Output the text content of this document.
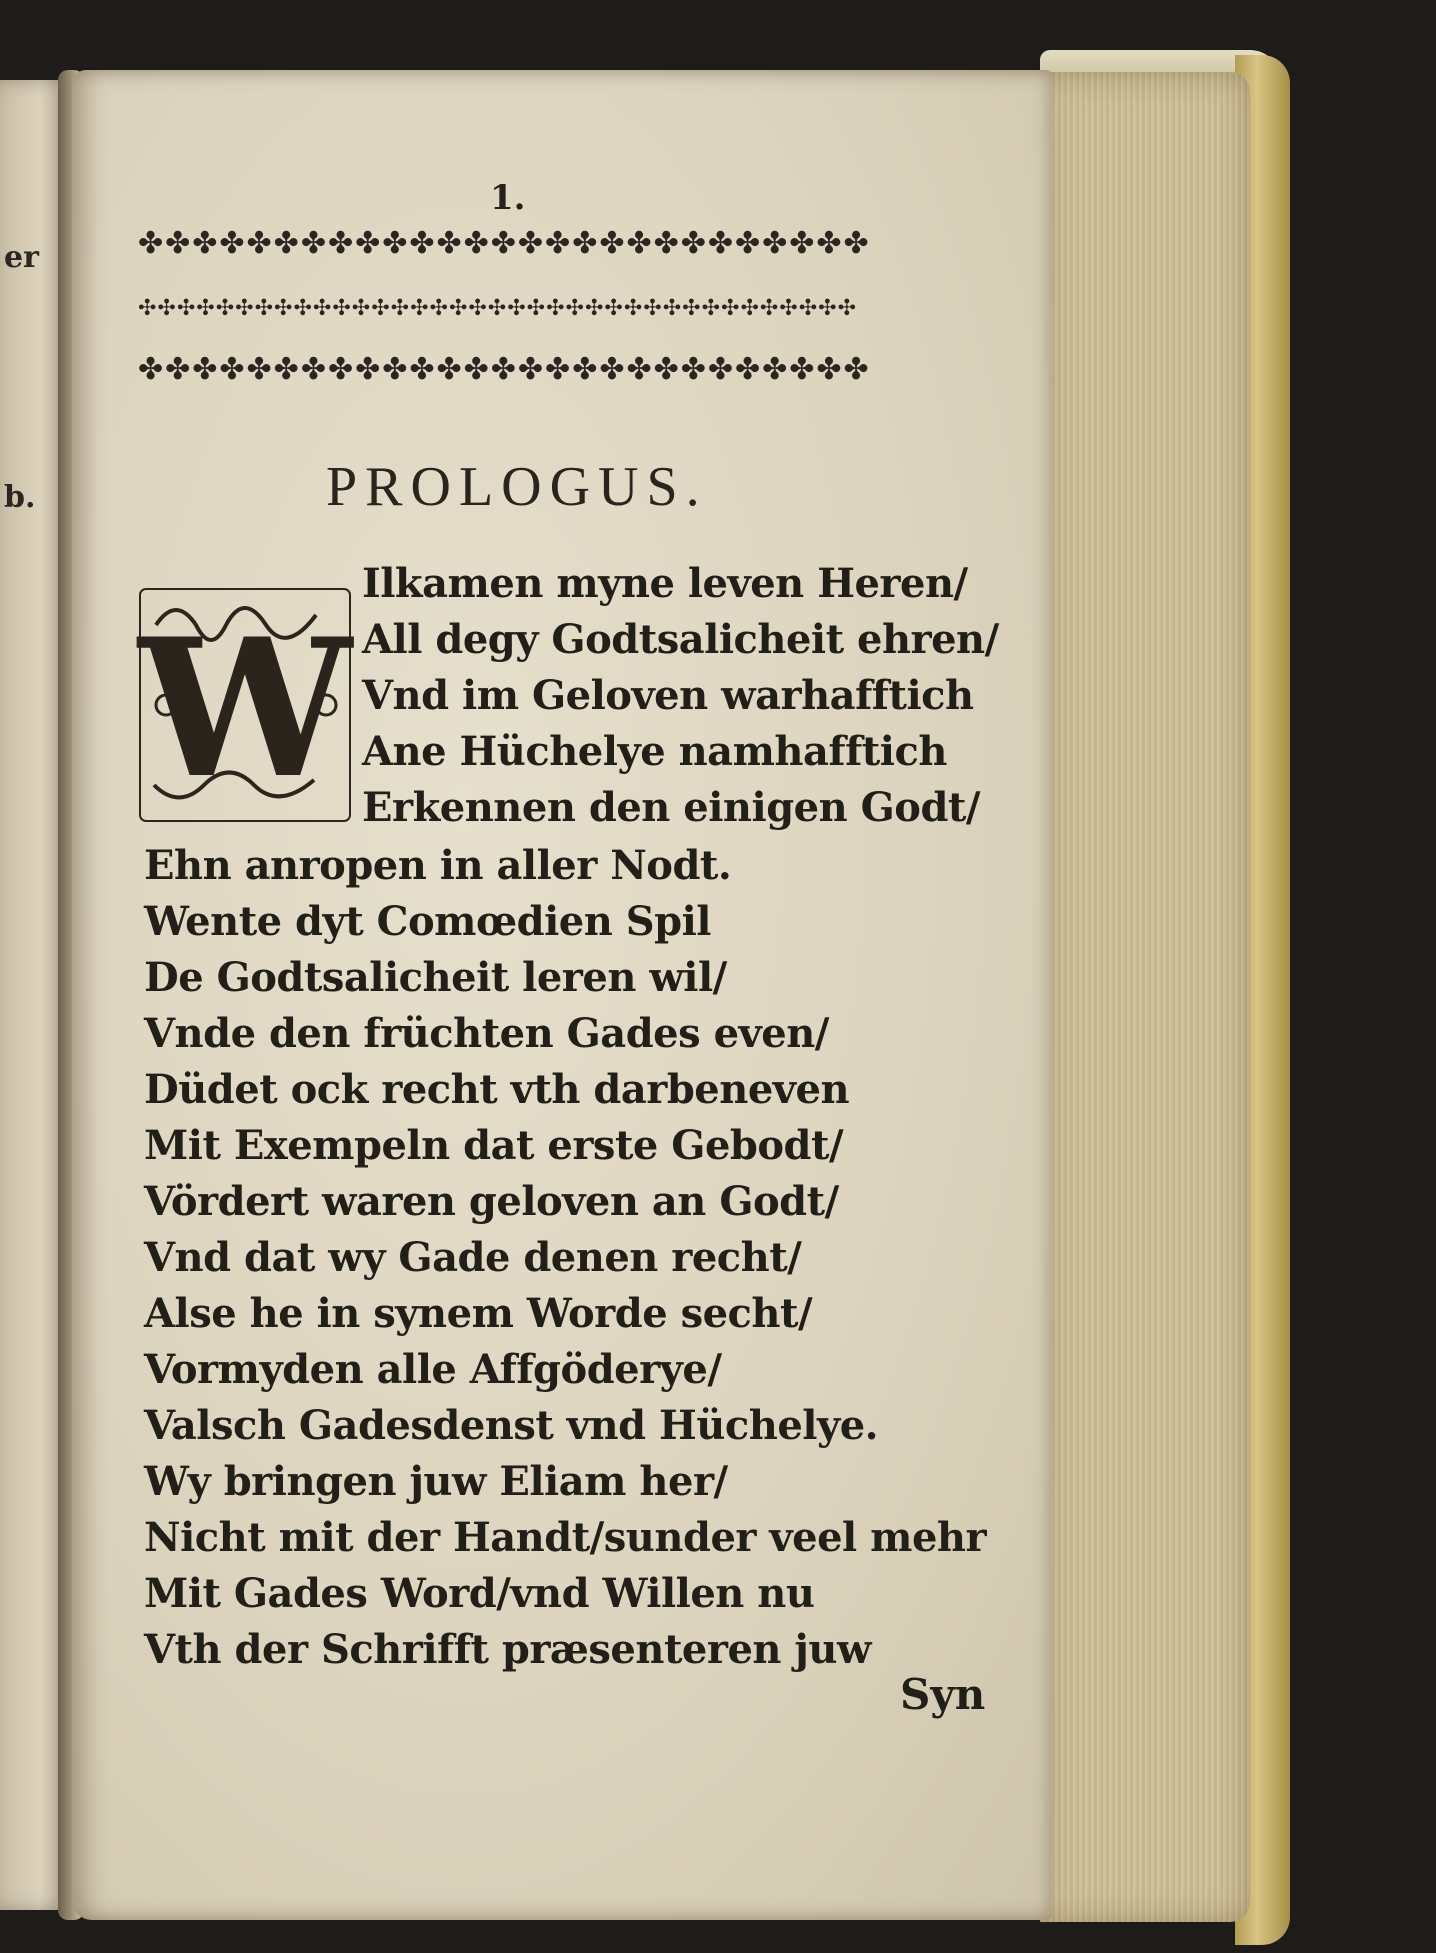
er
b.
1.
✤✤✤✤✤✤✤✤✤✤✤✤✤✤✤✤✤✤✤✤✤✤✤✤✤✤✤
✣✣✣✣✣✣✣✣✣✣✣✣✣✣✣✣✣✣✣✣✣✣✣✣✣✣✣✣✣✣✣✣✣✣✣✣✣
✤✤✤✤✤✤✤✤✤✤✤✤✤✤✤✤✤✤✤✤✤✤✤✤✤✤✤
PROLOGUS.
W
Ilkamen myne leven Heren/
All degy Godtsalicheit ehren/
Vnd im Geloven warhafftich
Ane Hüchelye namhafftich
Erkennen den einigen Godt/
Ehn anropen in aller Nodt.
Wente dyt Comœdien Spil
De Godtsalicheit leren wil/
Vnde den früchten Gades even/
Düdet ock recht vth darbeneven
Mit Exempeln dat erste Gebodt/
Vördert waren geloven an Godt/
Vnd dat wy Gade denen recht/
Alse he in synem Worde secht/
Vormyden alle Affgöderye/
Valsch Gadesdenst vnd Hüchelye.
Wy bringen juw Eliam her/
Nicht mit der Handt/sunder veel mehr
Mit Gades Word/vnd Willen nu
Vth der Schrifft præsenteren juw
Syn
